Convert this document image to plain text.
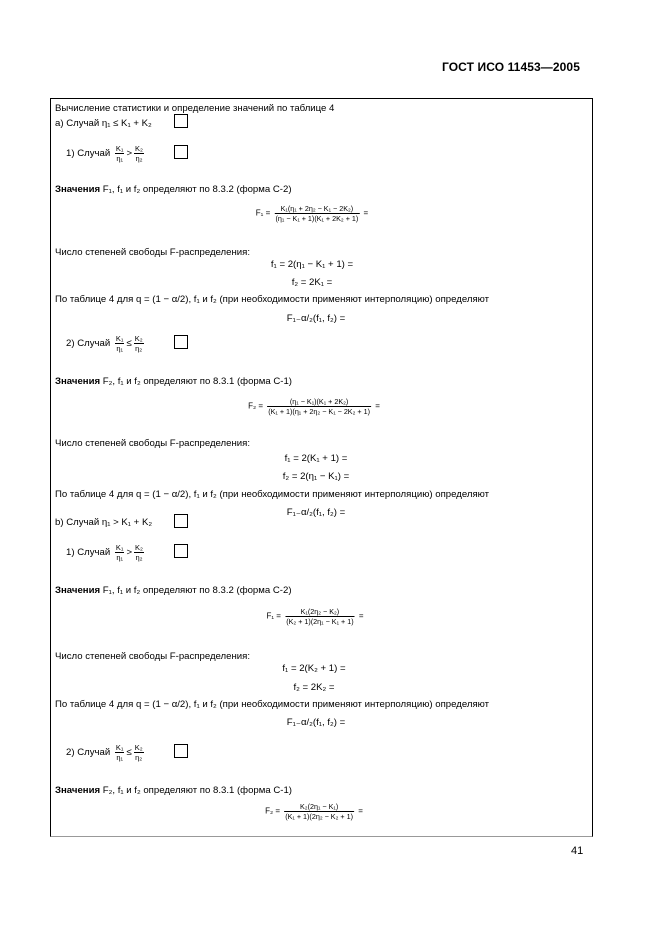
ГОСТ ИСО 11453—2005
Вычисление статистики и определение значений по таблице 4
а) Случай η₁ ≤ K₁ + K₂
1) Случай $\frac{\text{K₁}}{\text{η₁}} > \frac{\text{K₂}}{\text{η₂}}$
Значения F₁, f₁ и f₂ определяют по 8.3.2 (форма С-2)
$F_1 = \frac{\text{K₁(η₁ + 2η₂ − K₁ − 2K₂)}}{\text{(η₁ − K₁ + 1)(K₁ + 2K₂ + 1)}}$ =
Число степеней свободы F-распределения:
f₁ = 2(η₁ − K₁ + 1) =
f₂ = 2K₁ =
По таблице 4 для q = (1 − α/2), f₁ и f₂ (при необходимости применяют интерполяцию) определяют
F₁₋α/₂(f₁, f₂) =
2) Случай $\frac{\text{K₁}}{\text{η₁}} \le \frac{\text{K₂}}{\text{η₂}}$
Значения F₂, f₁ и f₂ определяют по 8.3.1 (форма С-1)
$F_2 = \frac{\text{(η₁ − K₁)(K₁ + 2K₂)}}{\text{(K₁ + 1)(η₁ + 2η₂ − K₁ − 2K₂ + 1)}}$ =
Число степеней свободы F-распределения:
f₁ = 2(K₁ + 1) =
f₂ = 2(η₁ − K₁) =
По таблице 4 для q = (1 − α/2), f₁ и f₂ (при необходимости применяют интерполяцию) определяют
F₁₋α/₂(f₁, f₂) =
b) Случай η₁ > K₁ + K₂
1) Случай $\frac{\text{K₁}}{\text{η₁}} > \frac{\text{K₂}}{\text{η₂}}$
Значения F₁, f₁ и f₂ определяют по 8.3.2 (форма С-2)
$F_1 = \frac{\text{K₁(2η₂ − K₂)}}{\text{(K₂ + 1)(2η₁ − K₁ + 1)}}$ =
Число степеней свободы F-распределения:
f₁ = 2(K₂ + 1) =
f₂ = 2K₂ =
По таблице 4 для q = (1 − α/2), f₁ и f₂ (при необходимости применяют интерполяцию) определяют
F₁₋α/₂(f₁, f₂) =
2) Случай $\frac{\text{K₁}}{\text{η₁}} \le \frac{\text{K₂}}{\text{η₂}}$
Значения F₂, f₁ и f₂ определяют по 8.3.1 (форма С-1)
$F_2 = \frac{\text{K₂(2η₁ − K₁)}}{\text{(K₁ + 1)(2η₂ − K₂ + 1)}}$ =
41
